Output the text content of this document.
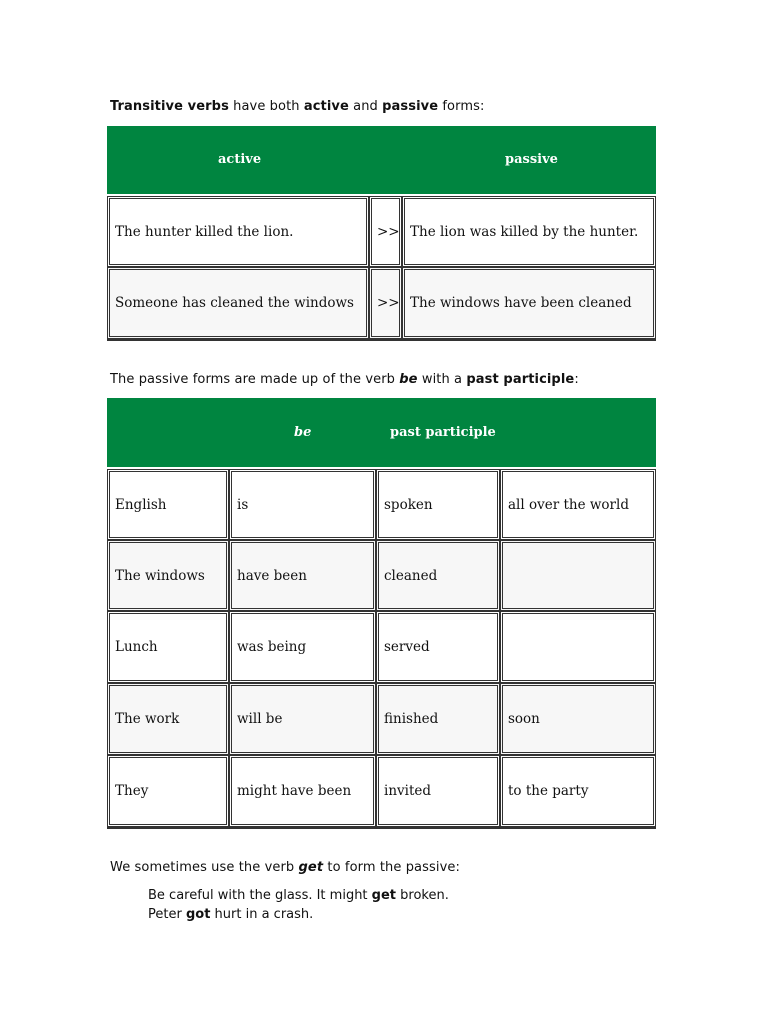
Transitive verbs have both active and passive forms:
active	passive
The hunter killed the lion.	>> The lion was killed by the hunter.
Someone has cleaned the windows	>> The windows have been cleaned
The passive forms are made up of the verb be with a past participle:
be	past participle
English	is	spoken	all over the world
The windows	have been	cleaned
Lunch	was being	served
The work	will be	finished	soon
They	might have been	invited	to the party
We sometimes use the verb get to form the passive:
Be careful with the glass. It might get broken.
Peter got hurt in a crash.
